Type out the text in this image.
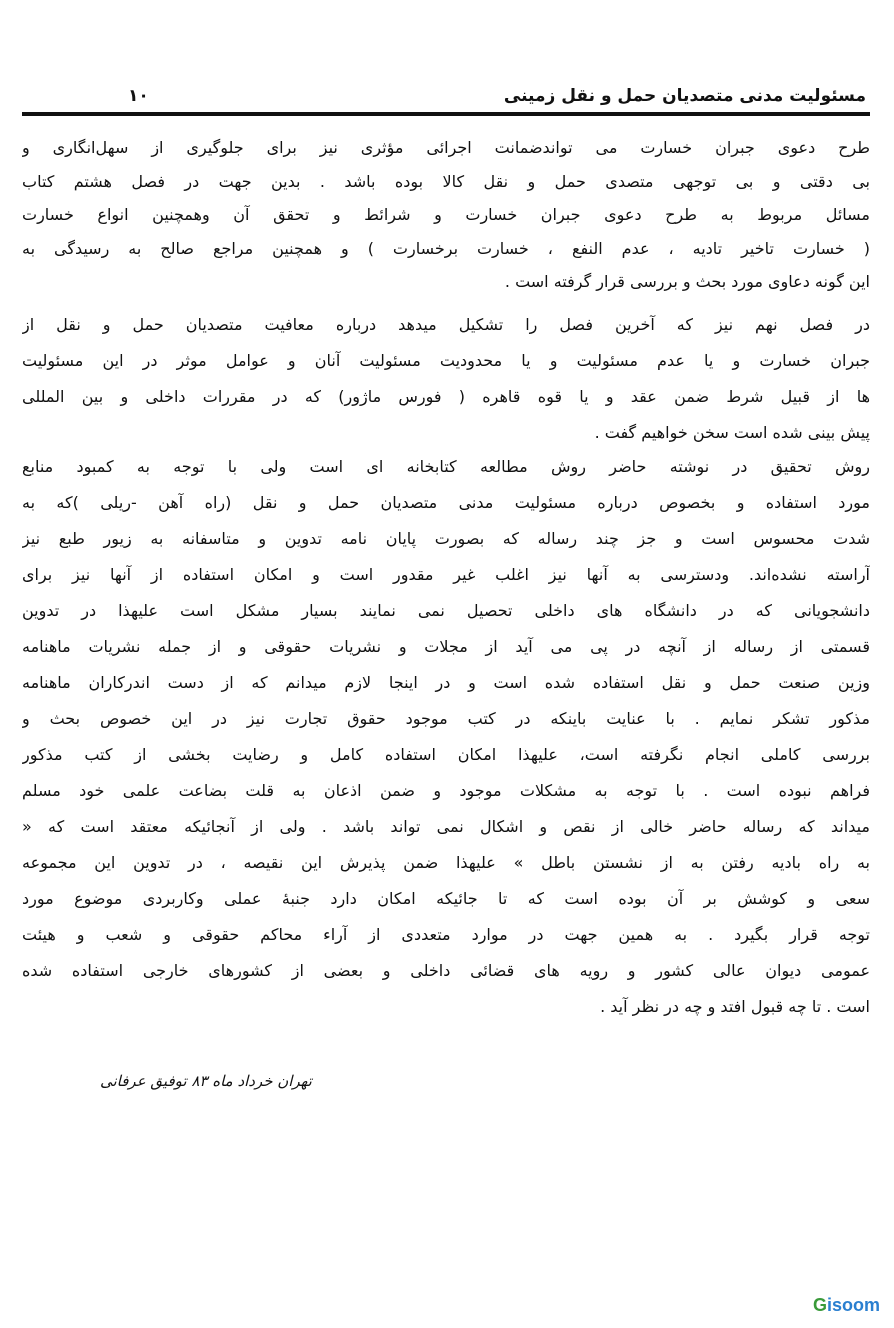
مسئولیت مدنی متصدیان حمل و نقل زمینی
۱۰
طرح دعوی جبران خسارت می تواندضمانت اجرائی مؤثری نیز برای جلوگیری از سهل‌انگاری و
بی دقتی و بی توجهی متصدی حمل و نقل کالا بوده باشد . بدین جهت در فصل هشتم کتاب
مسائل مربوط به طرح دعوی جبران خسارت و شرائط و تحقق آن وهمچنین انواع خسارت
( خسارت تاخیر تادیه ، عدم النفع ، خسارت برخسارت ) و همچنین مراجع صالح به رسیدگی به
این گونه دعاوی مورد بحث و بررسی قرار گرفته است .
در فصل نهم نیز که آخرین فصل را تشکیل میدهد درباره معافیت متصدیان حمل و نقل از
جبران خسارت و یا عدم مسئولیت و یا محدودیت مسئولیت آنان و عوامل موثر در این مسئولیت
ها از قبیل شرط ضمن عقد و یا قوه قاهره ( فورس ماژور) که در مقررات داخلی و بین المللی
پیش بینی شده است سخن خواهیم گفت .
روش تحقیق در نوشته حاضر روش مطالعه کتابخانه ای است ولی با توجه به کمبود منابع
مورد استفاده و بخصوص درباره مسئولیت مدنی متصدیان حمل و نقل (راه آهن -ریلی )که به
شدت محسوس است و جز چند رساله که بصورت پایان نامه تدوین و متاسفانه به زیور طبع نیز
آراسته نشده‌اند. ودسترسی به آنها نیز اغلب غیر مقدور است و امکان استفاده از آنها نیز برای
دانشجویانی که در دانشگاه های داخلی تحصیل نمی نمایند بسیار مشکل است علیهذا در تدوین
قسمتی از رساله از آنچه در پی می آید از مجلات و نشریات حقوقی و از جمله نشریات ماهنامه
وزین صنعت حمل و نقل استفاده شده است و در اینجا لازم میدانم که از دست اندرکاران ماهنامه
مذکور تشکر نمایم . با عنایت باینکه در کتب موجود حقوق تجارت نیز در این خصوص بحث و
بررسی کاملی انجام نگرفته است، علیهذا امکان استفاده کامل و رضایت بخشی از کتب مذکور
فراهم نبوده است . با توجه به مشکلات موجود و ضمن اذعان به قلت بضاعت علمی خود مسلم
میداند که رساله حاضر خالی از نقص و اشکال نمی تواند باشد . ولی از آنجائیکه معتقد است که «
به راه بادیه رفتن به از نشستن باطل » علیهذا ضمن پذیرش این نقیصه ، در تدوین این مجموعه
سعی و کوشش بر آن بوده است که تا جائیکه امکان دارد جنبهٔ عملی وکاربردی موضوع مورد
توجه قرار بگیرد . به همین جهت در موارد متعددی از آراء محاکم حقوقی و شعب و هیئت
عمومی دیوان عالی کشور و رویه های قضائی داخلی و بعضی از کشورهای خارجی استفاده شده
است . تا چه قبول افتد و چه در نظر آید .
تهران خرداد ماه ۸۳ توفیق عرفانی
Gisoom
